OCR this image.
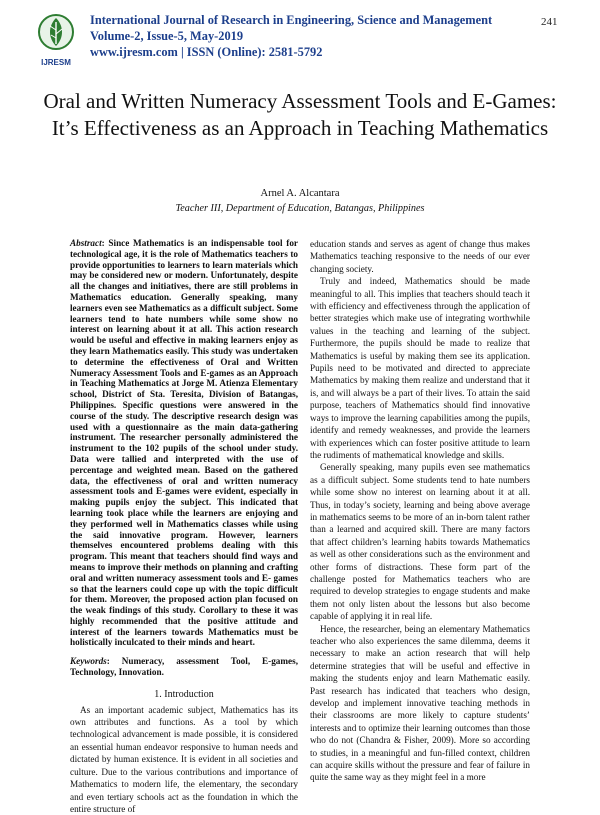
IJRESM
International Journal of Research in Engineering, Science and Management
Volume-2, Issue-5, May-2019
www.ijresm.com | ISSN (Online): 2581-5792
241
Oral and Written Numeracy Assessment Tools and E-Games: It’s Effectiveness as an Approach in Teaching Mathematics
Arnel A. Alcantara
Teacher III, Department of Education, Batangas, Philippines

Abstract: Since Mathematics is an indispensable tool for technological age, it is the role of Mathematics teachers to provide opportunities to learners to learn materials which may be considered new or modern. Unfortunately, despite all the changes and initiatives, there are still problems in Mathematics education. Generally speaking, many learners even see Mathematics as a difficult subject. Some learners tend to hate numbers while some show no interest on learning about it at all. This action research would be useful and effective in making learners enjoy as they learn Mathematics easily. This study was undertaken to determine the effectiveness of Oral and Written Numeracy Assessment Tools and E-games as an Approach in Teaching Mathematics at Jorge M. Atienza Elementary school, District of Sta. Teresita, Division of Batangas, Philippines. Specific questions were answered in the course of the study. The descriptive research design was used with a questionnaire as the main data-gathering instrument. The researcher personally administered the instrument to the 102 pupils of the school under study. Data were tallied and interpreted with the use of percentage and weighted mean. Based on the gathered data, the effectiveness of oral and written numeracy assessment tools and E-games were evident, especially in making pupils enjoy the subject. This indicated that learning took place while the learners are enjoying and they performed well in Mathematics classes while using the said innovative program. However, learners themselves encountered problems dealing with this program. This meant that teachers should find ways and means to improve their methods on planning and crafting oral and written numeracy assessment tools and E- games so that the learners could cope up with the topic difficult for them. Moreover, the proposed action plan focused on the weak findings of this study. Corollary to these it was highly recommended that the positive attitude and interest of the learners towards Mathematics must be holistically inculcated to their minds and heart.

Keywords: Numeracy, assessment Tool, E-games, Technology, Innovation.

1. Introduction

As an important academic subject, Mathematics has its own attributes and functions. As a tool by which technological advancement is made possible, it is considered an essential human endeavor responsive to human needs and dictated by human existence. It is evident in all societies and culture. Due to the various contributions and importance of Mathematics to modern life, the elementary, the secondary and even tertiary schools act as the foundation in which the entire structure of

education stands and serves as agent of change thus makes Mathematics teaching responsive to the needs of our ever changing society.

Truly and indeed, Mathematics should be made meaningful to all. This implies that teachers should teach it with efficiency and effectiveness through the application of better strategies which make use of integrating worthwhile values in the teaching and learning of the subject. Furthermore, the pupils should be made to realize that Mathematics is useful by making them see its application. Pupils need to be motivated and directed to appreciate Mathematics by making them realize and understand that it is, and will always be a part of their lives. To attain the said purpose, teachers of Mathematics should find innovative ways to improve the learning capabilities among the pupils, identify and remedy weaknesses, and provide the learners with experiences which can foster positive attitude to learn the rudiments of mathematical knowledge and skills.

Generally speaking, many pupils even see mathematics as a difficult subject. Some students tend to hate numbers while some show no interest on learning about it at all. Thus, in today’s society, learning and being above average in mathematics seems to be more of an in-born talent rather than a learned and acquired skill. There are many factors that affect children’s learning habits towards Mathematics as well as other considerations such as the environment and other forms of distractions. These form part of the challenge posted for Mathematics teachers who are required to develop strategies to engage students and make them not only listen about the lessons but also become capable of applying it in real life.

Hence, the researcher, being an elementary Mathematics teacher who also experiences the same dilemma, deems it necessary to make an action research that will help determine strategies that will be useful and effective in making the students enjoy and learn Mathematic easily. Past research has indicated that teachers who design, develop and implement innovative teaching methods in their classrooms are more likely to capture students’ interests and to optimize their learning outcomes than those who do not (Chandra & Fisher, 2009). More so according to studies, in a meaningful and fun-filled context, children can acquire skills without the pressure and fear of failure in quite the same way as they might feel in a more
